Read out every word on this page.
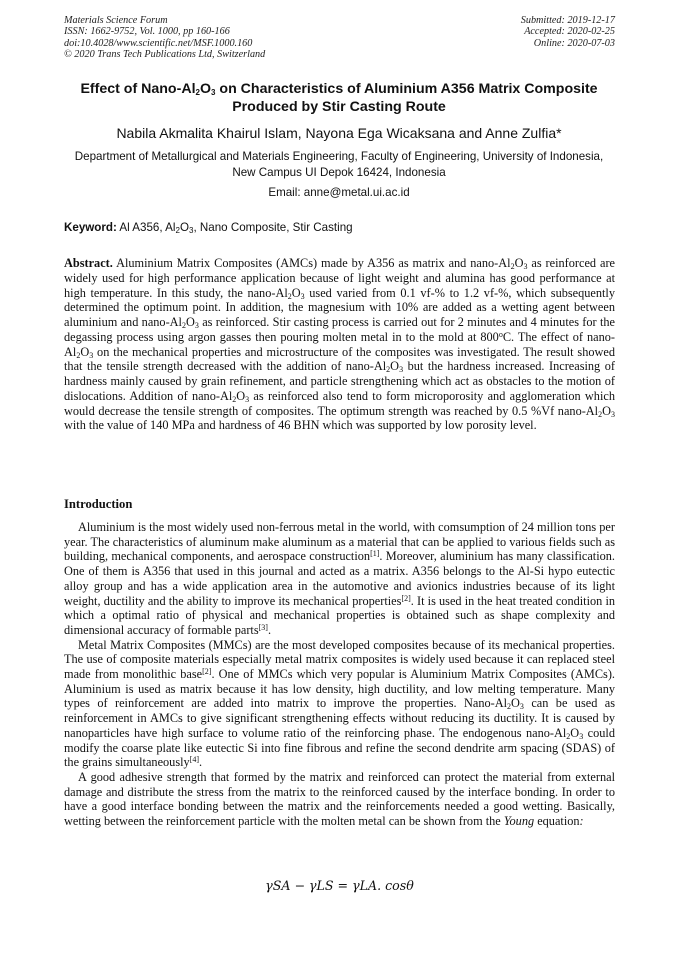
Materials Science Forum
ISSN: 1662-9752, Vol. 1000, pp 160-166
doi:10.4028/www.scientific.net/MSF.1000.160
© 2020 Trans Tech Publications Ltd, Switzerland
Submitted: 2019-12-17
Accepted: 2020-02-25
Online: 2020-07-03
Effect of Nano-$Al_2O_3$ on Characteristics of Aluminium A356 Matrix Composite Produced by Stir Casting Route
Nabila Akmalita Khairul Islam, Nayona Ega Wicaksana and Anne Zulfia*
Department of Metallurgical and Materials Engineering, Faculty of Engineering, University of Indonesia, New Campus UI Depok 16424, Indonesia
Email: anne@metal.ui.ac.id
Keyword: Al A356, $Al_2O_3$, Nano Composite, Stir Casting

Abstract. Aluminium Matrix Composites (AMCs) made by A356 as matrix and nano-$Al_2O_3$ as reinforced are widely used for high performance application because of light weight and alumina has good performance at high temperature. In this study, the nano-$Al_2O_3$ used varied from 0.1 vf-% to 1.2 vf-%, which subsequently determined the optimum point. In addition, the magnesium with 10% are added as a wetting agent between aluminium and nano-$Al_2O_3$ as reinforced. Stir casting process is carried out for 2 minutes and 4 minutes for the degassing process using argon gasses then pouring molten metal in to the mold at 800$^o$C. The effect of nano-$Al_2O_3$ on the mechanical properties and microstructure of the composites was investigated. The result showed that the tensile strength decreased with the addition of nano-$Al_2O_3$ but the hardness increased. Increasing of hardness mainly caused by grain refinement, and particle strengthening which act as obstacles to the motion of dislocations. Addition of nano-$Al_2O_3$ as reinforced also tend to form microporosity and agglomeration which would decrease the tensile strength of composites. The optimum strength was reached by 0.5 %Vf nano-$Al_2O_3$ with the value of 140 MPa and hardness of 46 BHN which was supported by low porosity level.

Introduction

Aluminium is the most widely used non-ferrous metal in the world, with comsumption of 24 million tons per year. The characteristics of aluminum make aluminum as a material that can be applied to various fields such as building, mechanical components, and aerospace construction[1]. Moreover, aluminium has many classification. One of them is A356 that used in this journal and acted as a matrix. A356 belongs to the Al-Si hypo eutectic alloy group and has a wide application area in the automotive and avionics industries because of its light weight, ductility and the ability to improve its mechanical properties[2]. It is used in the heat treated condition in which a optimal ratio of physical and mechanical properties is obtained such as shape complexity and dimensional accuracy of formable parts[3].

Metal Matrix Composites (MMCs) are the most developed composites because of its mechanical properties. The use of composite materials especially metal matrix composites is widely used because it can replaced steel made from monolithic base[2]. One of MMCs which very popular is Aluminium Matrix Composites (AMCs). Aluminium is used as matrix because it has low density, high ductility, and low melting temperature. Many types of reinforcement are added into matrix to improve the properties. Nano-$Al_2O_3$ can be used as reinforcement in AMCs to give significant strengthening effects without reducing its ductility. It is caused by nanoparticles have high surface to volume ratio of the reinforcing phase. The endogenous nano-$Al_2O_3$ could modify the coarse plate like eutectic Si into fine fibrous and refine the second dendrite arm spacing (SDAS) of the grains simultaneously[4].

A good adhesive strength that formed by the matrix and reinforced can protect the material from external damage and distribute the stress from the matrix to the reinforced caused by the interface bonding. In order to have a good interface bonding between the matrix and the reinforcements needed a good wetting. Basically, wetting between the reinforcement particle with the molten metal can be shown from the Young equation:

γSA − γLS = γLA. cosθ
